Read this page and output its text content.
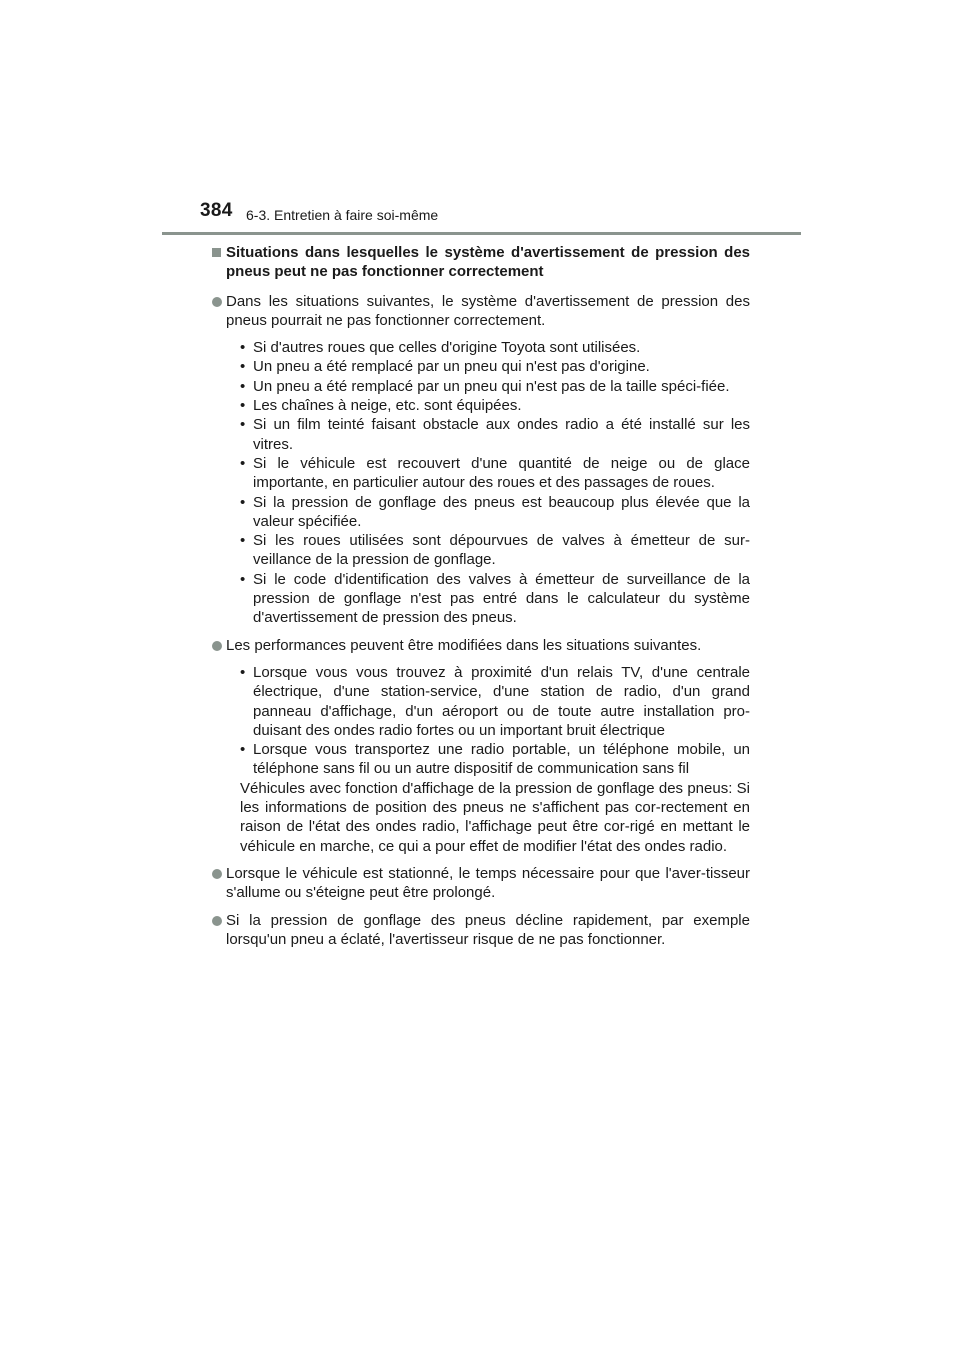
384 6-3. Entretien à faire soi-même
Situations dans lesquelles le système d'avertissement de pression des pneus peut ne pas fonctionner correctement
Dans les situations suivantes, le système d'avertissement de pression des pneus pourrait ne pas fonctionner correctement.
• Si d'autres roues que celles d'origine Toyota sont utilisées.
• Un pneu a été remplacé par un pneu qui n'est pas d'origine.
• Un pneu a été remplacé par un pneu qui n'est pas de la taille spéci-fiée.
• Les chaînes à neige, etc. sont équipées.
• Si un film teinté faisant obstacle aux ondes radio a été installé sur les vitres.
• Si le véhicule est recouvert d'une quantité de neige ou de glace importante, en particulier autour des roues et des passages de roues.
• Si la pression de gonflage des pneus est beaucoup plus élevée que la valeur spécifiée.
• Si les roues utilisées sont dépourvues de valves à émetteur de sur-veillance de la pression de gonflage.
• Si le code d'identification des valves à émetteur de surveillance de la pression de gonflage n'est pas entré dans le calculateur du système d'avertissement de pression des pneus.
Les performances peuvent être modifiées dans les situations suivantes.
• Lorsque vous vous trouvez à proximité d'un relais TV, d'une centrale électrique, d'une station-service, d'une station de radio, d'un grand panneau d'affichage, d'un aéroport ou de toute autre installation pro-duisant des ondes radio fortes ou un important bruit électrique
• Lorsque vous transportez une radio portable, un téléphone mobile, un téléphone sans fil ou un autre dispositif de communication sans fil
Véhicules avec fonction d'affichage de la pression de gonflage des pneus: Si les informations de position des pneus ne s'affichent pas cor-rectement en raison de l'état des ondes radio, l'affichage peut être cor-rigé en mettant le véhicule en marche, ce qui a pour effet de modifier l'état des ondes radio.
Lorsque le véhicule est stationné, le temps nécessaire pour que l'aver-tisseur s'allume ou s'éteigne peut être prolongé.
Si la pression de gonflage des pneus décline rapidement, par exemple lorsqu'un pneu a éclaté, l'avertisseur risque de ne pas fonctionner.
